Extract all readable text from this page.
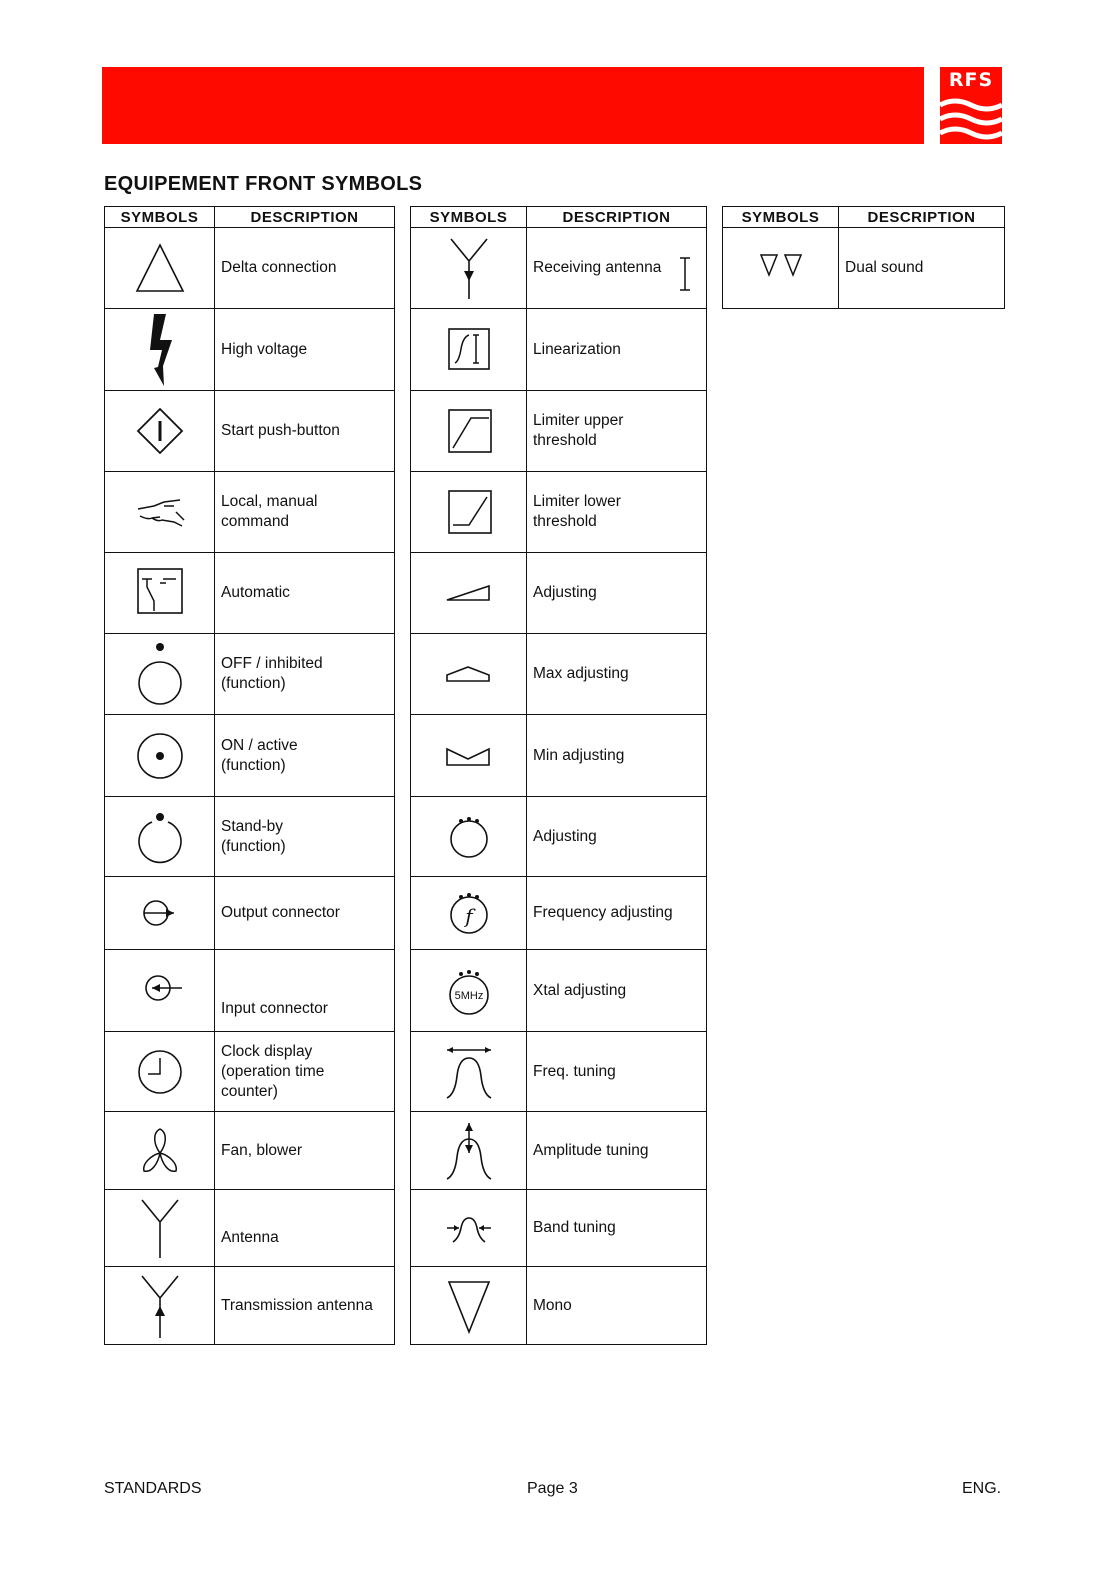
RFS
EQUIPEMENT FRONT SYMBOLS
SYMBOLS	DESCRIPTION

Delta connection

High voltage

Start push-button

Local, manual
command

Automatic

OFF / inhibited
(function)

ON / active
(function)

Stand-by
(function)

Output connector

Input connector

Clock display
(operation time
counter)

Fan, blower

Antenna

Transmission antenna
SYMBOLS	DESCRIPTION

Receiving antenna

Linearization

Limiter upper
threshold

Limiter lower
threshold

Adjusting

Max adjusting

Min adjusting

Adjusting

f	Frequency adjusting

5MHz	Xtal adjusting

Freq. tuning

Amplitude tuning

Band tuning

Mono
SYMBOLS	DESCRIPTION

Dual sound
STANDARDS	Page 3	ENG.
